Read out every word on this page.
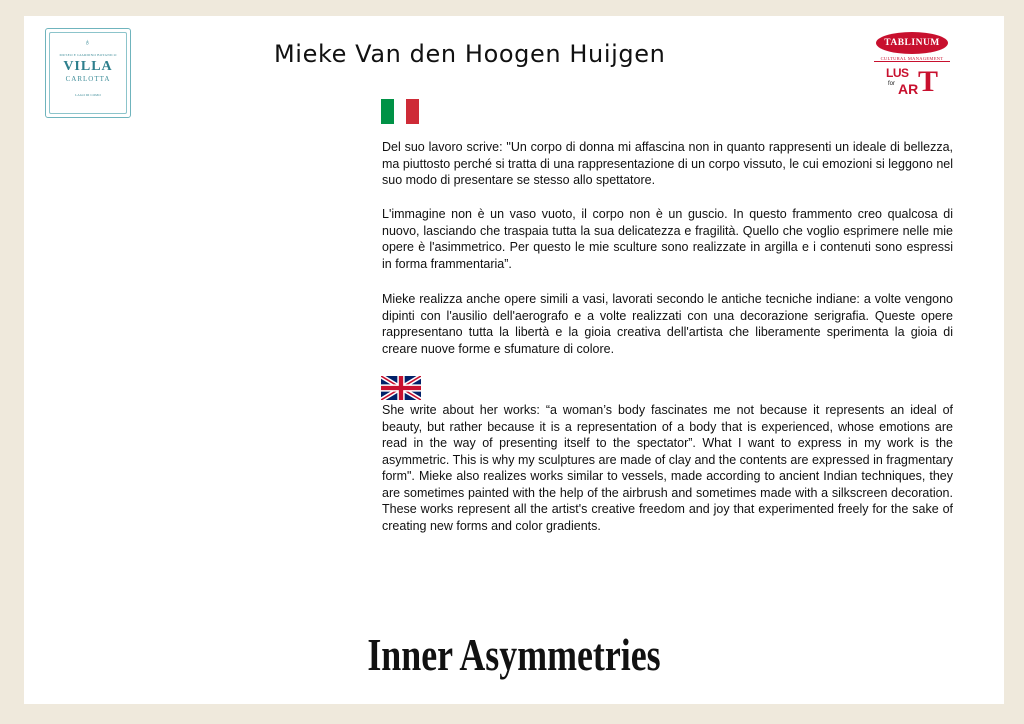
♁
MUSEO E GIARDINO BOTANICO
VILLA
CARLOTTA
LAGO DI COMO
Mieke Van den Hoogen Huijgen	TABLINUM
CULTURAL MANAGEMENT
LUS
for AR T

Del suo lavoro scrive: "Un corpo di donna mi affascina non in quanto rappresenti un ideale di bellezza, ma piuttosto perché si tratta di una rappresentazione di un corpo vissuto, le cui emozioni si leggono nel suo modo di presentare se stesso allo spettatore.

L'immagine non è un vaso vuoto, il corpo non è un guscio. In questo frammento creo qualcosa di nuovo, lasciando che traspaia tutta la sua delicatezza e fragilità. Quello che voglio esprimere nelle mie opere è l'asimmetrico. Per questo le mie sculture sono realizzate in argilla e i contenuti sono espressi in forma frammentaria”.

Mieke realizza anche opere simili a vasi, lavorati secondo le antiche tecniche indiane: a volte vengono dipinti con l'ausilio dell'aerografo e a volte realizzati con una decorazione serigrafia. Queste opere rappresentano tutta la libertà e la gioia creativa dell'artista che liberamente sperimenta la gioia di creare nuove forme e sfumature di colore.

She write about her works: “a woman’s body fascinates me not because it represents an ideal of beauty, but rather because it is a representation of a body that is experienced, whose emotions are read in the way of presenting itself to the spectator”. What I want to express in my work is the asymmetric. This is why my sculptures are made of clay and the contents are expressed in fragmentary form". Mieke also realizes works similar to vessels, made according to ancient Indian techniques, they are sometimes painted with the help of the airbrush and sometimes made with a silkscreen decoration. These works represent all the artist's creative freedom and joy that experimented freely for the sake of creating new forms and color gradients.

Inner Asymmetries
